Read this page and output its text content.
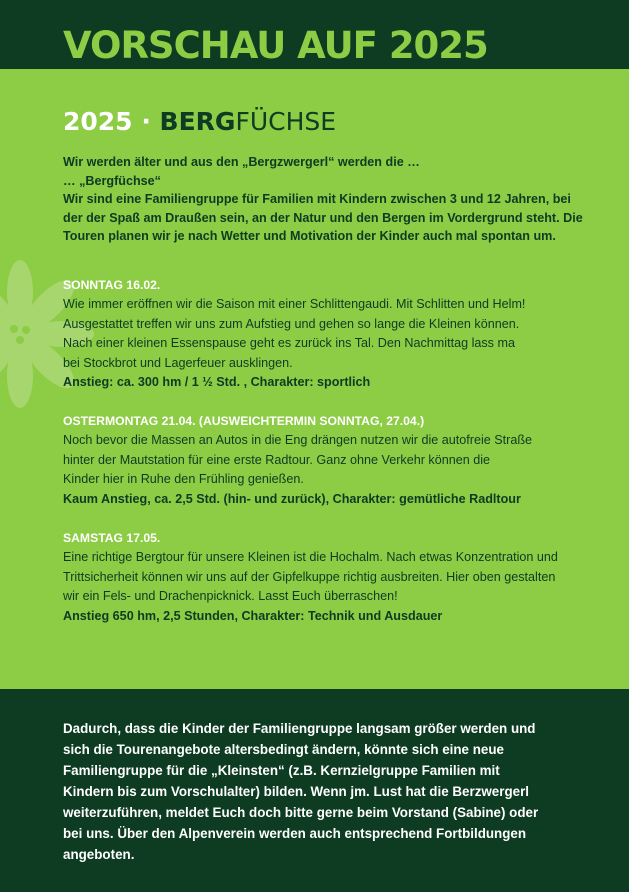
VORSCHAU AUF 2025
2025 · BERGFÜCHSE

Wir werden älter und aus den „Bergzwergerl“ werden die …
… „Bergfüchse“
Wir sind eine Familiengruppe für Familien mit Kindern zwischen 3 und 12 Jahren, bei
der der Spaß am Draußen sein, an der Natur und den Bergen im Vordergrund steht. Die
Touren planen wir je nach Wetter und Motivation der Kinder auch mal spontan um.

SONNTAG 16.02.

Wie immer eröffnen wir die Saison mit einer Schlittengaudi. Mit Schlitten und Helm!
Ausgestattet treffen wir uns zum Aufstieg und gehen so lange die Kleinen können.
Nach einer kleinen Essenspause geht es zurück ins Tal. Den Nachmittag lass ma
bei Stockbrot und Lagerfeuer ausklingen.

Anstieg: ca. 300 hm / 1 ½ Std. , Charakter: sportlich

OSTERMONTAG 21.04. (AUSWEICHTERMIN SONNTAG, 27.04.)

Noch bevor die Massen an Autos in die Eng drängen nutzen wir die autofreie Straße
hinter der Mautstation für eine erste Radtour. Ganz ohne Verkehr können die
Kinder hier in Ruhe den Frühling genießen.

Kaum Anstieg, ca. 2,5 Std. (hin- und zurück), Charakter: gemütliche Radltour

SAMSTAG 17.05.

Eine richtige Bergtour für unsere Kleinen ist die Hochalm. Nach etwas Konzentration und
Trittsicherheit können wir uns auf der Gipfelkuppe richtig ausbreiten. Hier oben gestalten
wir ein Fels- und Drachenpicknick. Lasst Euch überraschen!

Anstieg 650 hm, 2,5 Stunden, Charakter: Technik und Ausdauer

Dadurch, dass die Kinder der Familiengruppe langsam größer werden und
sich die Tourenangebote altersbedingt ändern, könnte sich eine neue
Familiengruppe für die „Kleinsten“ (z.B. Kernzielgruppe Familien mit
Kindern bis zum Vorschulalter) bilden. Wenn jm. Lust hat die Berzwergerl
weiterzuführen, meldet Euch doch bitte gerne beim Vorstand (Sabine) oder
bei uns. Über den Alpenverein werden auch entsprechend Fortbildungen
angeboten.
